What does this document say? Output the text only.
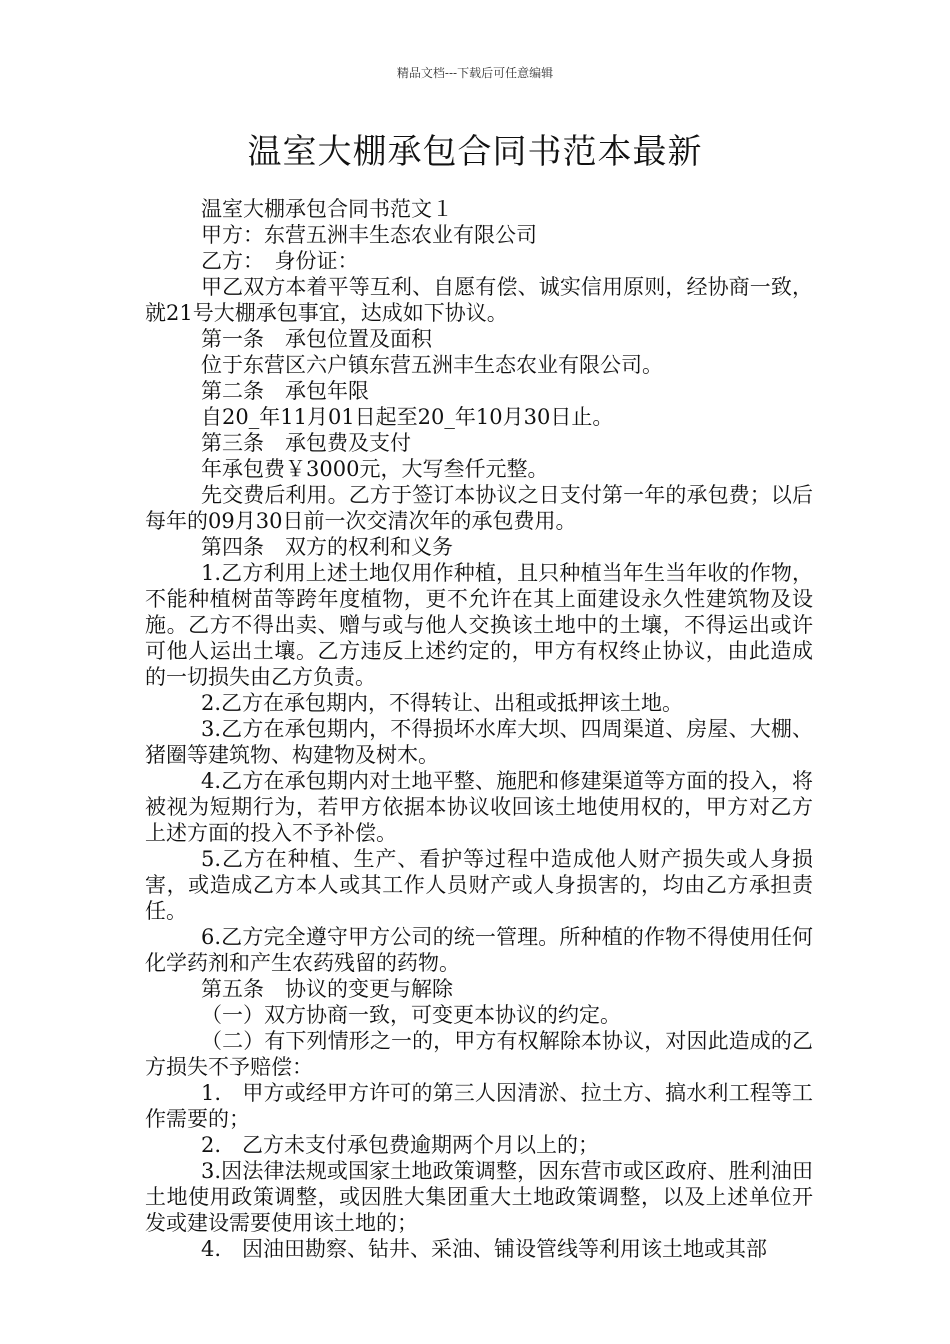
精品文档---下载后可任意编辑
温室大棚承包合同书范本最新

温室大棚承包合同书范文１

甲方：东营五洲丰生态农业有限公司

乙方：　身份证：

甲乙双方本着平等互利、自愿有偿、诚实信用原则，经协商一致，就21号大棚承包事宜，达成如下协议。

第一条　承包位置及面积

位于东营区六户镇东营五洲丰生态农业有限公司。

第二条　承包年限

自20_年11月01日起至20_年10月30日止。

第三条　承包费及支付

年承包费￥3000元，大写叁仟元整。

先交费后利用。乙方于签订本协议之日支付第一年的承包费；以后每年的09月30日前一次交清次年的承包费用。

第四条　双方的权利和义务

1.乙方利用上述土地仅用作种植，且只种植当年生当年收的作物，不能种植树苗等跨年度植物，更不允许在其上面建设永久性建筑物及设施。乙方不得出卖、赠与或与他人交换该土地中的土壤，不得运出或许可他人运出土壤。乙方违反上述约定的，甲方有权终止协议，由此造成的一切损失由乙方负责。

2.乙方在承包期内，不得转让、出租或抵押该土地。

3.乙方在承包期内，不得损坏水库大坝、四周渠道、房屋、大棚、猪圈等建筑物、构建物及树木。

4.乙方在承包期内对土地平整、施肥和修建渠道等方面的投入，将被视为短期行为，若甲方依据本协议收回该土地使用权的，甲方对乙方上述方面的投入不予补偿。

5.乙方在种植、生产、看护等过程中造成他人财产损失或人身损害，或造成乙方本人或其工作人员财产或人身损害的，均由乙方承担责任。

6.乙方完全遵守甲方公司的统一管理。所种植的作物不得使用任何化学药剂和产生农药残留的药物。

第五条　协议的变更与解除

（一）双方协商一致，可变更本协议的约定。

（二）有下列情形之一的，甲方有权解除本协议，对因此造成的乙方损失不予赔偿：

1.　甲方或经甲方许可的第三人因清淤、拉土方、搞水利工程等工作需要的；

2.　乙方未支付承包费逾期两个月以上的；

3.因法律法规或国家土地政策调整，因东营市或区政府、胜利油田土地使用政策调整，或因胜大集团重大土地政策调整，以及上述单位开发或建设需要使用该土地的；

4.　因油田勘察、钻井、采油、铺设管线等利用该土地或其部
